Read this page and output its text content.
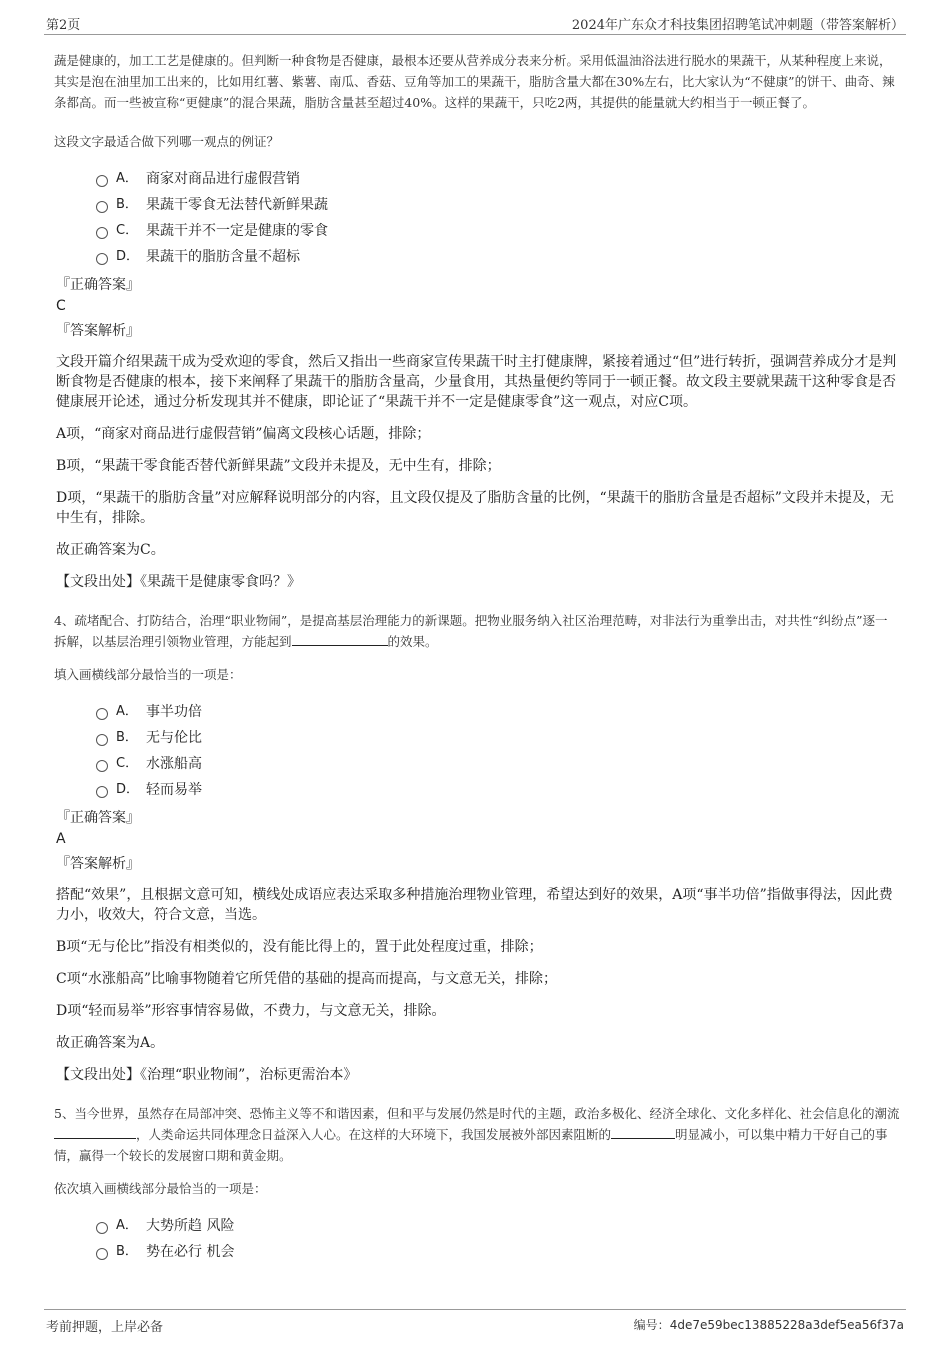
第2页	2024年广东众才科技集团招聘笔试冲刺题（带答案解析）

蔬是健康的，加工工艺是健康的。但判断一种食物是否健康，最根本还要从营养成分表来分析。采用低温油浴法进行脱水的果蔬干，从某种程度上来说，其实是泡在油里加工出来的，比如用红薯、紫薯、南瓜、香菇、豆角等加工的果蔬干，脂肪含量大都在30%左右，比大家认为“不健康”的饼干、曲奇、辣条都高。而一些被宣称“更健康”的混合果蔬，脂肪含量甚至超过40%。这样的果蔬干，只吃2两，其提供的能量就大约相当于一顿正餐了。

这段文字最适合做下列哪一观点的例证？

A． 商家对商品进行虚假营销
B． 果蔬干零食无法替代新鲜果蔬
C． 果蔬干并不一定是健康的零食
D． 果蔬干的脂肪含量不超标
『正确答案』
C
『答案解析』
文段开篇介绍果蔬干成为受欢迎的零食，然后又指出一些商家宣传果蔬干时主打健康牌，紧接着通过“但”进行转折，强调营养成分才是判断食物是否健康的根本，接下来阐释了果蔬干的脂肪含量高，少量食用，其热量便约等同于一顿正餐。故文段主要就果蔬干这种零食是否健康展开论述，通过分析发现其并不健康，即论证了“果蔬干并不一定是健康零食”这一观点，对应C项。
A项，“商家对商品进行虚假营销”偏离文段核心话题，排除；
B项，“果蔬干零食能否替代新鲜果蔬”文段并未提及，无中生有，排除；
D项，“果蔬干的脂肪含量”对应解释说明部分的内容，且文段仅提及了脂肪含量的比例，“果蔬干的脂肪含量是否超标”文段并未提及，无中生有，排除。
故正确答案为C。
【文段出处】《果蔬干是健康零食吗？》

4、疏堵配合、打防结合，治理“职业物闹”，是提高基层治理能力的新课题。把物业服务纳入社区治理范畴，对非法行为重拳出击，对共性“纠纷点”逐一拆解，以基层治理引领物业管理，方能起到	的效果。

填入画横线部分最恰当的一项是：

A． 事半功倍
B． 无与伦比
C． 水涨船高
D． 轻而易举
『正确答案』
A
『答案解析』
搭配“效果”，且根据文意可知，横线处成语应表达采取多种措施治理物业管理，希望达到好的效果，A项“事半功倍”指做事得法，因此费力小，收效大，符合文意，当选。
B项“无与伦比”指没有相类似的，没有能比得上的，置于此处程度过重，排除；
C项“水涨船高”比喻事物随着它所凭借的基础的提高而提高，与文意无关，排除；
D项“轻而易举”形容事情容易做，不费力，与文意无关，排除。
故正确答案为A。
【文段出处】《治理“职业物闹”，治标更需治本》

5、当今世界，虽然存在局部冲突、恐怖主义等不和谐因素，但和平与发展仍然是时代的主题，政治多极化、经济全球化、文化多样化、社会信息化的潮流，人类命运共同体理念日益深入人心。在这样的大环境下，我国发展被外部因素阻断的	明显减小，可以集中精力干好自己的事情，赢得一个较长的发展窗口期和黄金期。

依次填入画横线部分最恰当的一项是：

A． 大势所趋 风险
B． 势在必行 机会
考前押题，上岸必备	编号：4de7e59bec13885228a3def5ea56f37a
